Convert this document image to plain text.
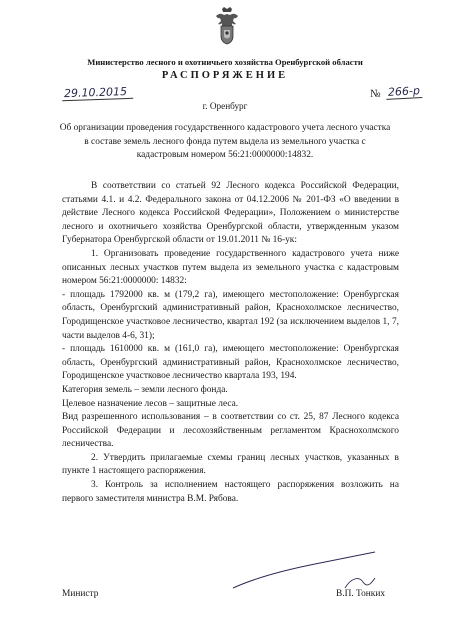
Министерство лесного и охотничьего хозяйства Оренбургской области
РАСПОРЯЖЕНИЕ
29.10.2015	№ 266-р
г. Оренбург
Об организации проведения государственного кадастрового учета лесного участка в составе земель лесного фонда путем выдела из земельного участка с кадастровым номером 56:21:0000000:14832.

В соответствии со статьей 92 Лесного кодекса Российской Федерации, статьями 4.1. и 4.2. Федерального закона от 04.12.2006 № 201-ФЗ «О введении в действие Лесного кодекса Российской Федерации», Положением о министерстве лесного и охотничьего хозяйства Оренбургской области, утвержденным указом Губернатора Оренбургской области от 19.01.2011 № 16-ук:

1. Организовать проведение государственного кадастрового учета ниже описанных лесных участков путем выдела из земельного участка с кадастровым номером 56:21:0000000: 14832:

- площадь 1792000 кв. м (179,2 га), имеющего местоположение: Оренбургская область, Оренбургский административный район, Краснохолмское лесничество, Городищенское участковое лесничество, квартал 192 (за исключением выделов 1, 7, части выделов 4-6, 31);

- площадь 1610000 кв. м (161,0 га), имеющего местоположение: Оренбургская область, Оренбургский административный район, Краснохолмское лесничество, Городищенское участковое лесничество квартала 193, 194.

Категория земель – земли лесного фонда.

Целевое назначение лесов – защитные леса.

Вид разрешенного использования – в соответствии со ст. 25, 87 Лесного кодекса Российской Федерации и лесохозяйственным регламентом Краснохолмского лесничества.

2. Утвердить прилагаемые схемы границ лесных участков, указанных в пункте 1 настоящего распоряжения.

3. Контроль за исполнением настоящего распоряжения возложить на первого заместителя министра В.М. Рябова.

Министр	В.П. Тонких
